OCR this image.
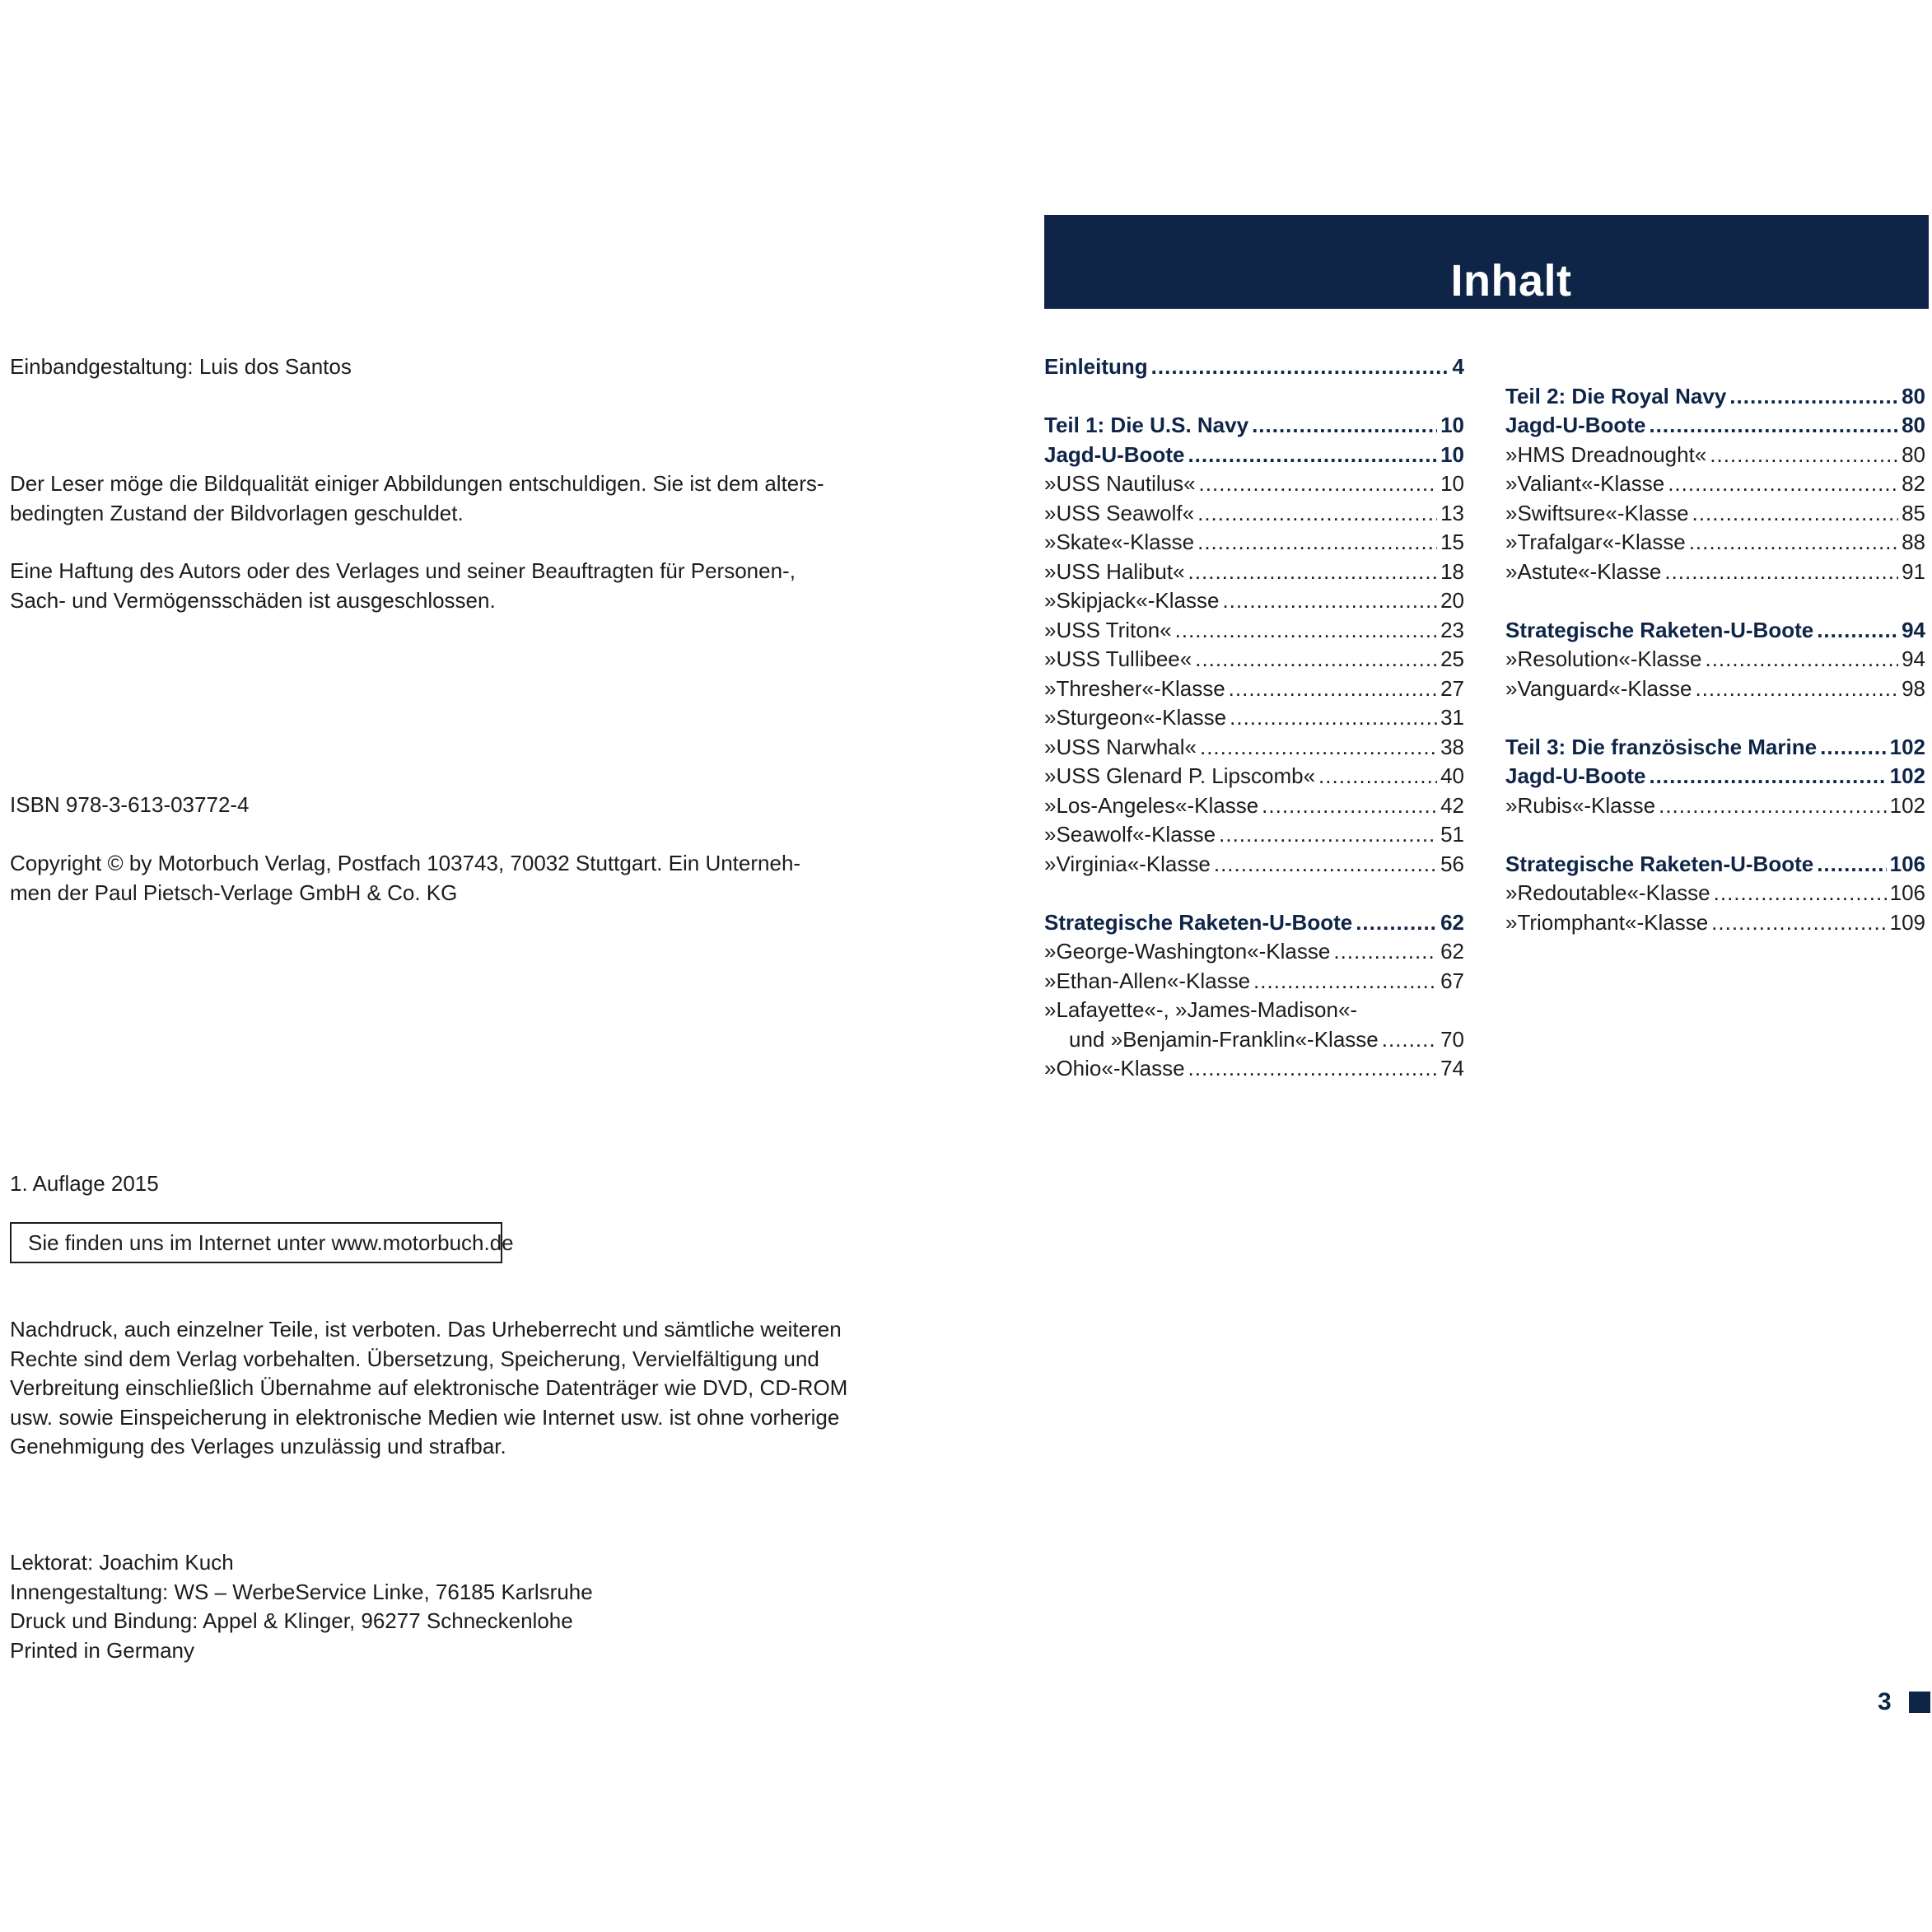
Einbandgestaltung: Luis dos Santos
Der Leser möge die Bildqualität einiger Abbildungen entschuldigen. Sie ist dem alters-
bedingten Zustand der Bildvorlagen geschuldet.
Eine Haftung des Autors oder des Verlages und seiner Beauftragten für Personen-,
Sach- und Vermögensschäden ist ausgeschlossen.
ISBN 978-3-613-03772-4
Copyright © by Motorbuch Verlag, Postfach 103743, 70032 Stuttgart. Ein Unterneh-
men der Paul Pietsch-Verlage GmbH & Co. KG
1. Auflage 2015
Sie finden uns im Internet unter www.motorbuch.de
Nachdruck, auch einzelner Teile, ist verboten. Das Urheberrecht und sämtliche weiteren
Rechte sind dem Verlag vorbehalten. Übersetzung, Speicherung, Vervielfältigung und
Verbreitung einschließlich Übernahme auf elektronische Datenträger wie DVD, CD-ROM
usw. sowie Einspeicherung in elektronische Medien wie Internet usw. ist ohne vorherige
Genehmigung des Verlages unzulässig und strafbar.
Lektorat: Joachim Kuch
Innengestaltung: WS – WerbeService Linke, 76185 Karlsruhe
Druck und Bindung: Appel & Klinger, 96277 Schneckenlohe
Printed in Germany
Inhalt
Einleitung .....	4
Teil 1: Die U.S. Navy .....	10
Jagd-U-Boote .....	10
»USS Nautilus« .....	10
»USS Seawolf« .....	13
»Skate«-Klasse .....	15
»USS Halibut« .....	18
»Skipjack«-Klasse .....	20
»USS Triton« .....	23
»USS Tullibee« .....	25
»Thresher«-Klasse .....	27
»Sturgeon«-Klasse .....	31
»USS Narwhal« .....	38
»USS Glenard P. Lipscomb« .....	40
»Los-Angeles«-Klasse .....	42
»Seawolf«-Klasse .....	51
»Virginia«-Klasse .....	56
Strategische Raketen-U-Boote .....	62
»George-Washington«-Klasse .....	62
»Ethan-Allen«-Klasse .....	67
»Lafayette«-, »James-Madison«-
und »Benjamin-Franklin«-Klasse .....	70
»Ohio«-Klasse .....	74
Teil 2: Die Royal Navy .....	80
Jagd-U-Boote .....	80
»HMS Dreadnought« .....	80
»Valiant«-Klasse .....	82
»Swiftsure«-Klasse .....	85
»Trafalgar«-Klasse .....	88
»Astute«-Klasse .....	91
Strategische Raketen-U-Boote .....	94
»Resolution«-Klasse .....	94
»Vanguard«-Klasse .....	98
Teil 3: Die französische Marine .....	102
Jagd-U-Boote .....	102
»Rubis«-Klasse .....	102
Strategische Raketen-U-Boote .....	106
»Redoutable«-Klasse .....	106
»Triomphant«-Klasse .....	109
3
